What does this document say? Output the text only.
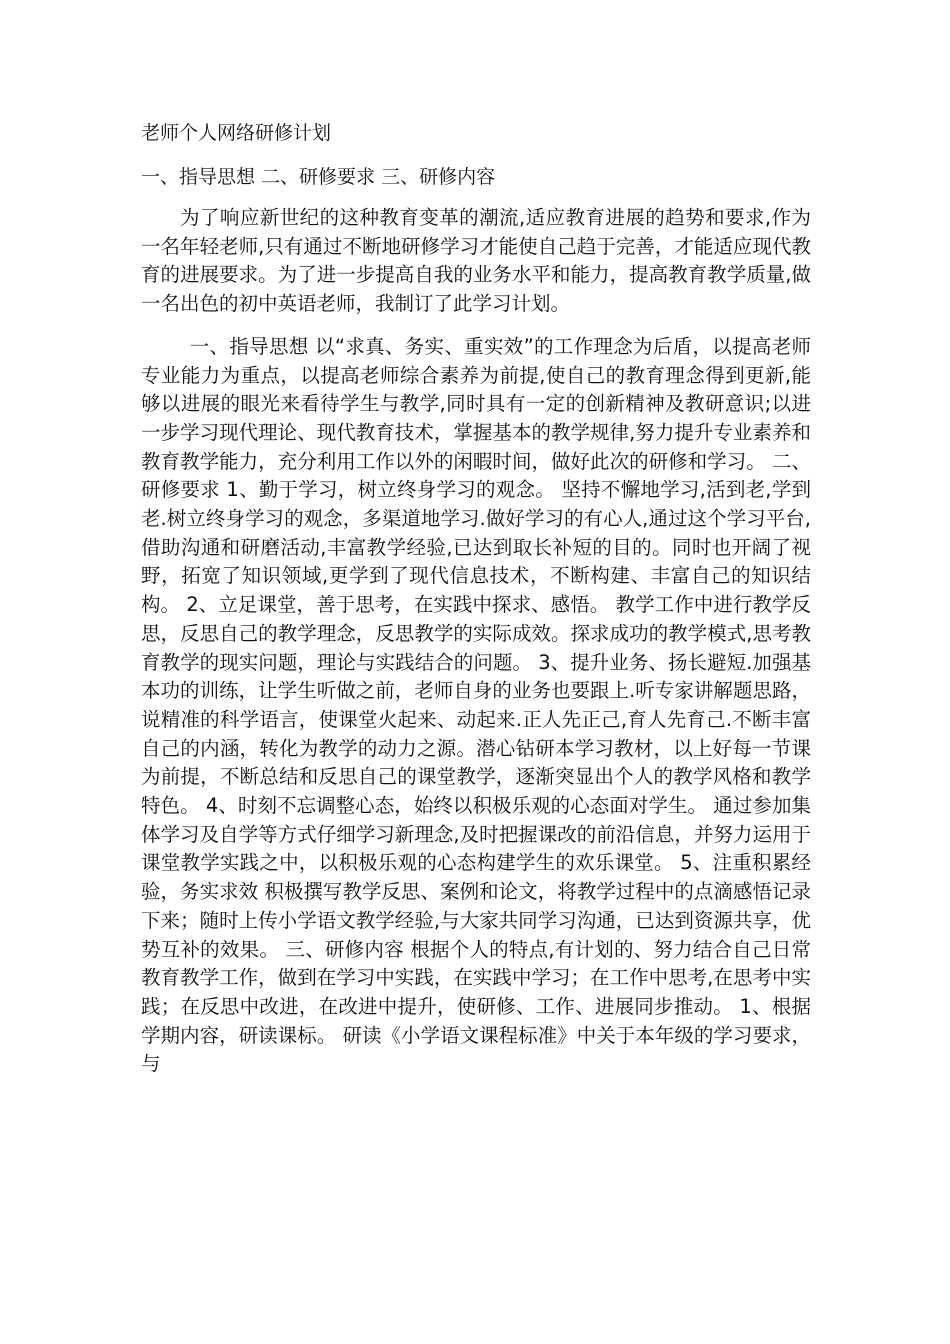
老师个人网络研修计划
一、指导思想 二、研修要求 三、研修内容

为了响应新世纪的这种教育变革的潮流,适应教育进展的趋势和要求,作为一名年轻老师,只有通过不断地研修学习才能使自己趋于完善，才能适应现代教育的进展要求。为了进一步提高自我的业务水平和能力，提高教育教学质量,做一名出色的初中英语老师，我制订了此学习计划。

一、指导思想 以“求真、务实、重实效”的工作理念为后盾，以提高老师专业能力为重点，以提高老师综合素养为前提,使自己的教育理念得到更新,能够以进展的眼光来看待学生与教学,同时具有一定的创新精神及教研意识;以进一步学习现代理论、现代教育技术，掌握基本的教学规律,努力提升专业素养和教育教学能力，充分利用工作以外的闲暇时间，做好此次的研修和学习。 二、研修要求 1、勤于学习，树立终身学习的观念。 坚持不懈地学习,活到老,学到老.树立终身学习的观念，多渠道地学习.做好学习的有心人,通过这个学习平台,借助沟通和研磨活动,丰富教学经验,已达到取长补短的目的。同时也开阔了视野，拓宽了知识领域,更学到了现代信息技术，不断构建、丰富自己的知识结构。 2、立足课堂，善于思考，在实践中探求、感悟。 教学工作中进行教学反思，反思自己的教学理念，反思教学的实际成效。探求成功的教学模式,思考教育教学的现实问题，理论与实践结合的问题。 3、提升业务、扬长避短.加强基本功的训练，让学生听做之前，老师自身的业务也要跟上.听专家讲解题思路，说精准的科学语言，使课堂火起来、动起来.正人先正己,育人先育己.不断丰富自己的内涵，转化为教学的动力之源。潜心钻研本学习教材，以上好每一节课为前提，不断总结和反思自己的课堂教学，逐渐突显出个人的教学风格和教学特色。 4、时刻不忘调整心态，始终以积极乐观的心态面对学生。 通过参加集体学习及自学等方式仔细学习新理念,及时把握课改的前沿信息，并努力运用于课堂教学实践之中，以积极乐观的心态构建学生的欢乐课堂。 5、注重积累经验，务实求效 积极撰写教学反思、案例和论文，将教学过程中的点滴感悟记录下来；随时上传小学语文教学经验,与大家共同学习沟通，已达到资源共享，优势互补的效果。 三、研修内容 根据个人的特点,有计划的、努力结合自己日常教育教学工作，做到在学习中实践，在实践中学习；在工作中思考,在思考中实践；在反思中改进，在改进中提升，使研修、工作、进展同步推动。 1、根据学期内容，研读课标。 研读《小学语文课程标准》中关于本年级的学习要求，与
